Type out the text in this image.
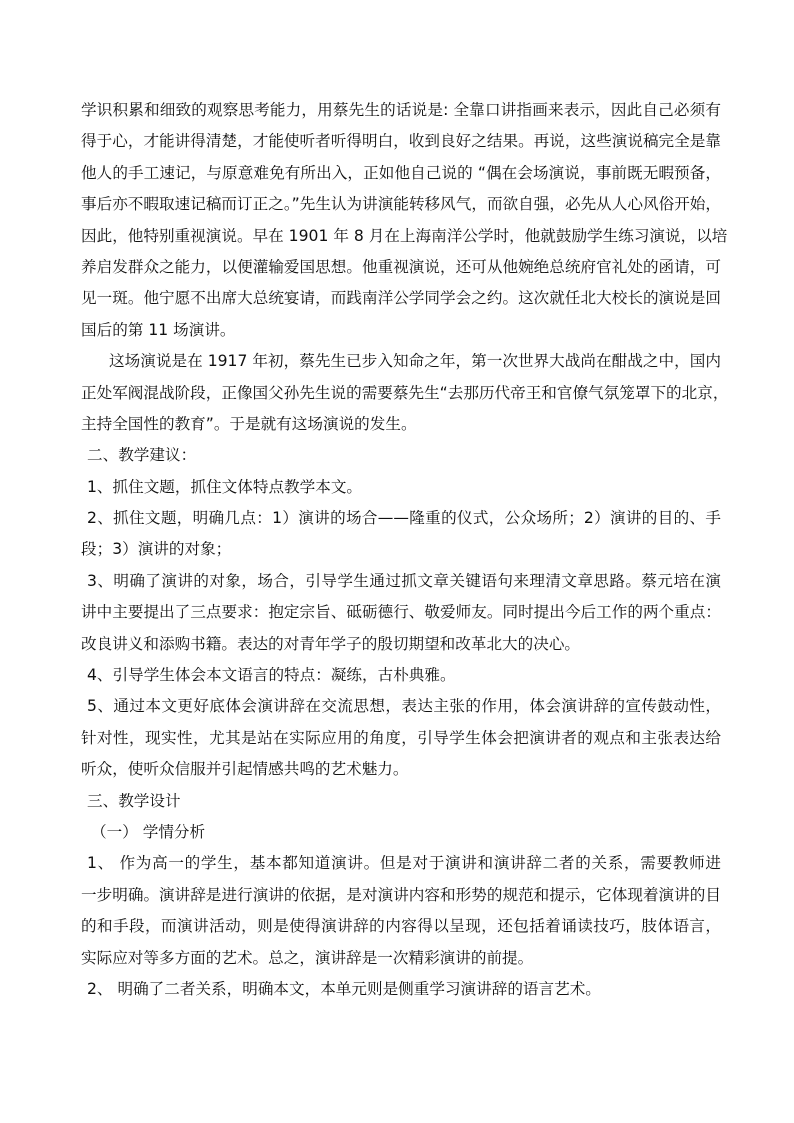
学识积累和细致的观察思考能力，用蔡先生的话说是: 全靠口讲指画来表示，因此自己必须有
得于心，才能讲得清楚，才能使听者听得明白，收到良好之结果。再说，这些演说稿完全是靠
他人的手工速记，与原意难免有所出入，正如他自己说的 “偶在会场演说，事前既无暇预备，
事后亦不暇取速记稿而订正之。”先生认为讲演能转移风气，而欲自强，必先从人心风俗开始，
因此，他特别重视演说。早在 1901 年 8 月在上海南洋公学时，他就鼓励学生练习演说，以培
养启发群众之能力，以便灌输爱国思想。他重视演说，还可从他婉绝总统府官礼处的函请，可
见一斑。他宁愿不出席大总统宴请，而践南洋公学同学会之约。这次就任北大校长的演说是回
国后的第 11 场演讲。
这场演说是在 1917 年初，蔡先生已步入知命之年，第一次世界大战尚在酣战之中，国内
正处军阀混战阶段，正像国父孙先生说的需要蔡先生“去那历代帝王和官僚气氛笼罩下的北京，
主持全国性的教育”。于是就有这场演说的发生。
二、教学建议：
1、抓住文题，抓住文体特点教学本文。
2、抓住文题，明确几点：1）演讲的场合——隆重的仪式，公众场所；2）演讲的目的、手
段；3）演讲的对象；
3、明确了演讲的对象，场合，引导学生通过抓文章关键语句来理清文章思路。蔡元培在演
讲中主要提出了三点要求：抱定宗旨、砥砺德行、敬爱师友。同时提出今后工作的两个重点：
改良讲义和添购书籍。表达的对青年学子的殷切期望和改革北大的决心。
4、引导学生体会本文语言的特点：凝练，古朴典雅。
5、通过本文更好底体会演讲辞在交流思想，表达主张的作用，体会演讲辞的宣传鼓动性，
针对性，现实性，尤其是站在实际应用的角度，引导学生体会把演讲者的观点和主张表达给
听众，使听众信服并引起情感共鸣的艺术魅力。
三、教学设计
（一） 学情分析
1、 作为高一的学生，基本都知道演讲。但是对于演讲和演讲辞二者的关系，需要教师进
一步明确。演讲辞是进行演讲的依据，是对演讲内容和形势的规范和提示，它体现着演讲的目
的和手段，而演讲活动，则是使得演讲辞的内容得以呈现，还包括着诵读技巧，肢体语言，
实际应对等多方面的艺术。总之，演讲辞是一次精彩演讲的前提。
2、 明确了二者关系，明确本文，本单元则是侧重学习演讲辞的语言艺术。
